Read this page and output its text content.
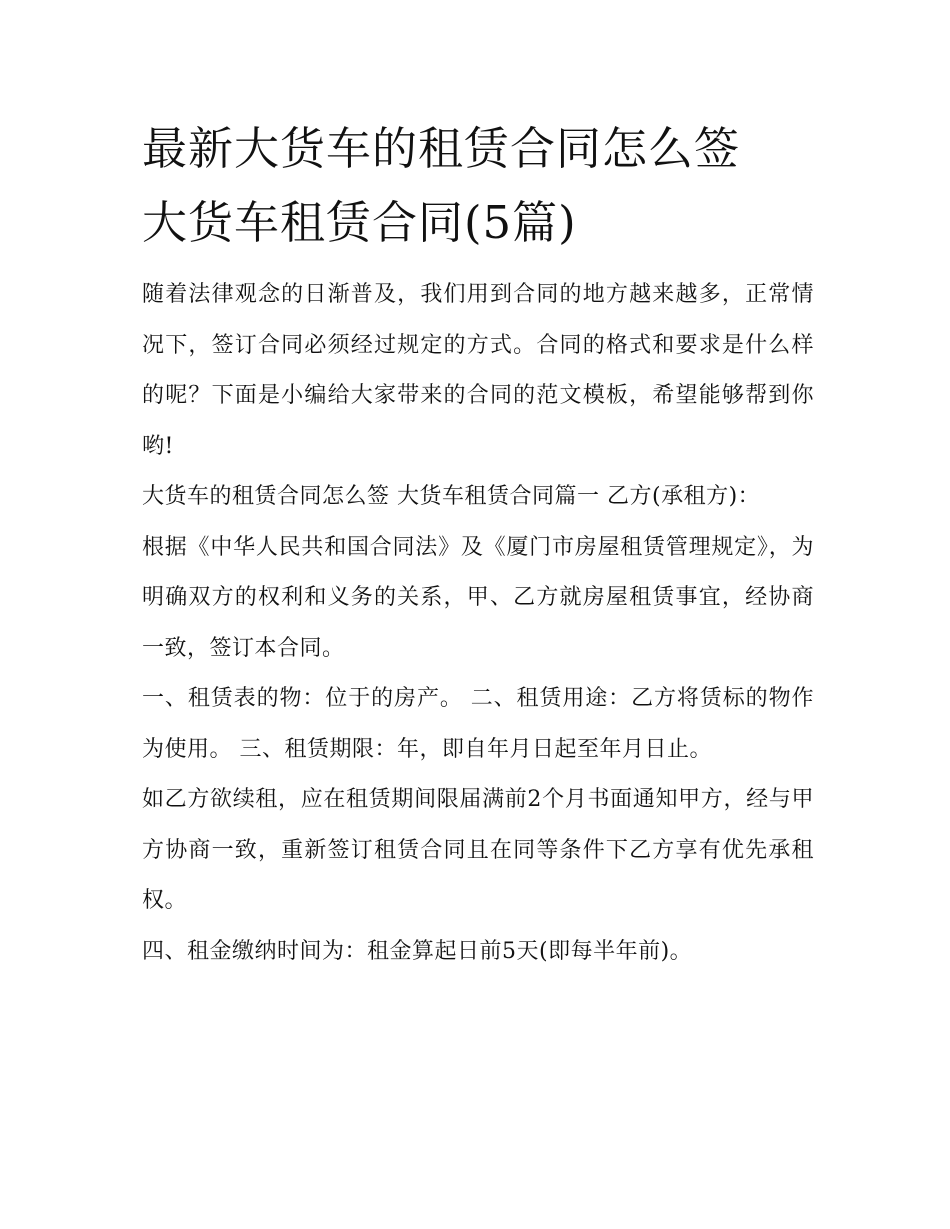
最新大货车的租赁合同怎么签
大货车租赁合同(5篇)

随着法律观念的日渐普及，我们用到合同的地方越来越多，正常情况下，签订合同必须经过规定的方式。合同的格式和要求是什么样的呢？下面是小编给大家带来的合同的范文模板，希望能够帮到你哟!

大货车的租赁合同怎么签 大货车租赁合同篇一 乙方(承租方)：

根据《中华人民共和国合同法》及《厦门市房屋租赁管理规定》，为明确双方的权利和义务的关系，甲、乙方就房屋租赁事宜，经协商一致，签订本合同。

一、租赁表的物：位于的房产。 二、租赁用途：乙方将赁标的物作为使用。 三、租赁期限：年，即自年月日起至年月日止。

如乙方欲续租，应在租赁期间限届满前2个月书面通知甲方，经与甲方协商一致，重新签订租赁合同且在同等条件下乙方享有优先承租权。

四、租金缴纳时间为：租金算起日前5天(即每半年前)。
